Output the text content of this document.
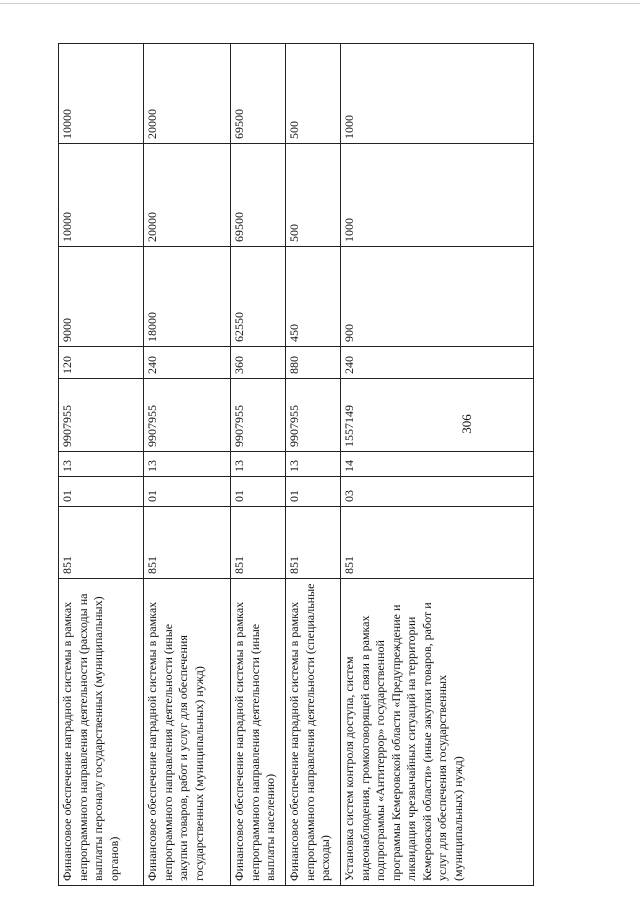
306
Финансовое обеспечение наградной системы в рамках непрограммного направления деятельности (расходы на выплаты персоналу государственных (муниципальных) органов)	851	01	13	9907955	120	9000	10000	10000
Финансовое обеспечение наградной системы в рамках непрограммного направления деятельности (иные закупки товаров, работ и услуг для обеспечения государственных (муниципальных) нужд)	851	01	13	9907955	240	18000	20000	20000
Финансовое обеспечение наградной системы в рамках непрограммного направления деятельности (иные выплаты населению)	851	01	13	9907955	360	62550	69500	69500
Финансовое обеспечение наградной системы в рамках непрограммного направления деятельности (специальные расходы)	851	01	13	9907955	880	450	500	500
Установка систем контроля доступа, систем видеонаблюдения, громкоговорящей связи в рамках подпрограммы «Антитеррор» государственной программы Кемеровской области «Предупреждение и ликвидация чрезвычайных ситуаций на территории Кемеровской области» (иные закупки товаров, работ и услуг для обеспечения государственных (муниципальных) нужд)	851	03	14	1557149	240	900	1000	1000
